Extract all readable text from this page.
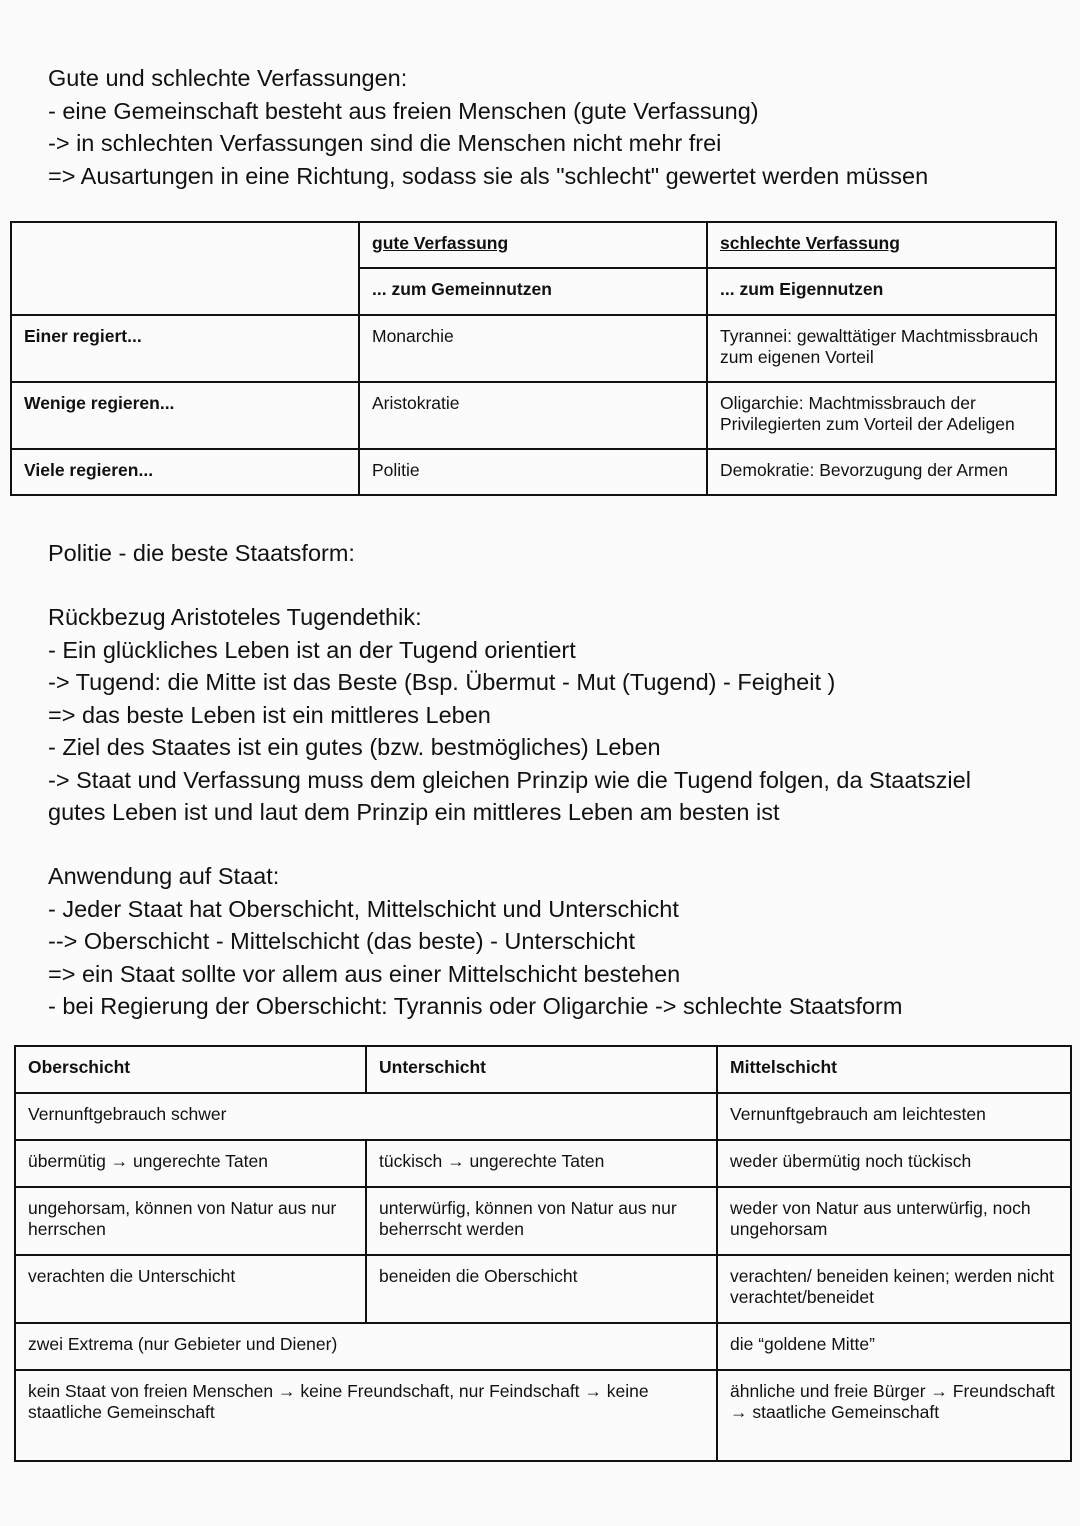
Gute und schlechte Verfassungen:
- eine Gemeinschaft besteht aus freien Menschen (gute Verfassung)
-> in schlechten Verfassungen sind die Menschen nicht mehr frei
=> Ausartungen in eine Richtung, sodass sie als "schlecht" gewertet werden müssen
	gute Verfassung	schlechte Verfassung
	... zum Gemeinnutzen	... zum Eigennutzen
Einer regiert...	Monarchie	Tyrannei: gewalttätiger Machtmissbrauch zum eigenen Vorteil
Wenige regieren...	Aristokratie	Oligarchie: Machtmissbrauch der Privilegierten zum Vorteil der Adeligen
Viele regieren...	Politie	Demokratie: Bevorzugung der Armen
Politie - die beste Staatsform:
Rückbezug Aristoteles Tugendethik:
- Ein glückliches Leben ist an der Tugend orientiert
-> Tugend: die Mitte ist das Beste (Bsp. Übermut - Mut (Tugend) - Feigheit )
=> das beste Leben ist ein mittleres Leben
- Ziel des Staates ist ein gutes (bzw. bestmögliches) Leben
-> Staat und Verfassung muss dem gleichen Prinzip wie die Tugend folgen, da Staatsziel
gutes Leben ist und laut dem Prinzip ein mittleres Leben am besten ist
Anwendung auf Staat:
- Jeder Staat hat Oberschicht, Mittelschicht und Unterschicht
--> Oberschicht - Mittelschicht (das beste) - Unterschicht
=> ein Staat sollte vor allem aus einer Mittelschicht bestehen
- bei Regierung der Oberschicht: Tyrannis oder Oligarchie -> schlechte Staatsform
Oberschicht	Unterschicht	Mittelschicht
Vernunftgebrauch schwer		Vernunftgebrauch am leichtesten
übermütig → ungerechte Taten	tückisch → ungerechte Taten	weder übermütig noch tückisch
ungehorsam, können von Natur aus nur herrschen	unterwürfig, können von Natur aus nur beherrscht werden	weder von Natur aus unterwürfig, noch ungehorsam
verachten die Unterschicht	beneiden die Oberschicht	verachten/ beneiden keinen; werden nicht verachtet/beneidet
zwei Extrema (nur Gebieter und Diener)		die “goldene Mitte”
kein Staat von freien Menschen → keine Freundschaft, nur Feindschaft → keine staatliche Gemeinschaft		ähnliche und freie Bürger → Freundschaft → staatliche Gemeinschaft
